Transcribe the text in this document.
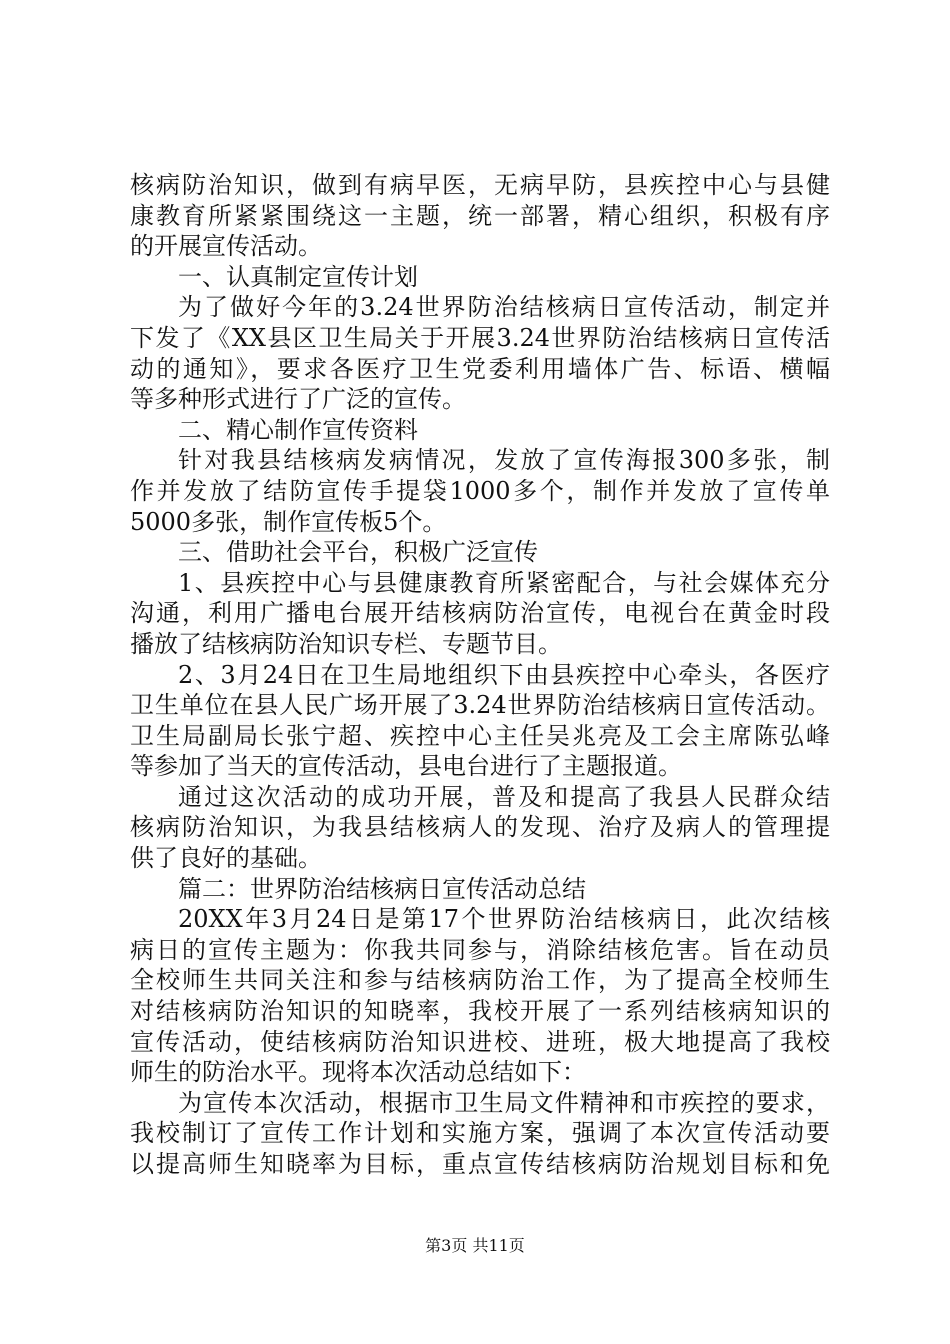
核病防治知识，做到有病早医，无病早防，县疾控中心与县健
康教育所紧紧围绕这一主题，统一部署，精心组织，积极有序
的开展宣传活动。
一、认真制定宣传计划
为了做好今年的3.24世界防治结核病日宣传活动，制定并
下发了《XX县区卫生局关于开展3.24世界防治结核病日宣传活
动的通知》，要求各医疗卫生党委利用墙体广告、标语、横幅
等多种形式进行了广泛的宣传。
二、精心制作宣传资料
针对我县结核病发病情况，发放了宣传海报300多张，制
作并发放了结防宣传手提袋1000多个，制作并发放了宣传单
5000多张，制作宣传板5个。
三、借助社会平台，积极广泛宣传
1、县疾控中心与县健康教育所紧密配合，与社会媒体充分
沟通，利用广播电台展开结核病防治宣传，电视台在黄金时段
播放了结核病防治知识专栏、专题节目。
2、3月24日在卫生局地组织下由县疾控中心牵头，各医疗
卫生单位在县人民广场开展了3.24世界防治结核病日宣传活动。
卫生局副局长张宁超、疾控中心主任吴兆亮及工会主席陈弘峰
等参加了当天的宣传活动，县电台进行了主题报道。
通过这次活动的成功开展，普及和提高了我县人民群众结
核病防治知识，为我县结核病人的发现、治疗及病人的管理提
供了良好的基础。
篇二：世界防治结核病日宣传活动总结
20XX年3月24日是第17个世界防治结核病日，此次结核
病日的宣传主题为：你我共同参与，消除结核危害。旨在动员
全校师生共同关注和参与结核病防治工作，为了提高全校师生
对结核病防治知识的知晓率，我校开展了一系列结核病知识的
宣传活动，使结核病防治知识进校、进班，极大地提高了我校
师生的防治水平。现将本次活动总结如下：
为宣传本次活动，根据市卫生局文件精神和市疾控的要求，
我校制订了宣传工作计划和实施方案，强调了本次宣传活动要
以提高师生知晓率为目标，重点宣传结核病防治规划目标和免
第3页 共11页
